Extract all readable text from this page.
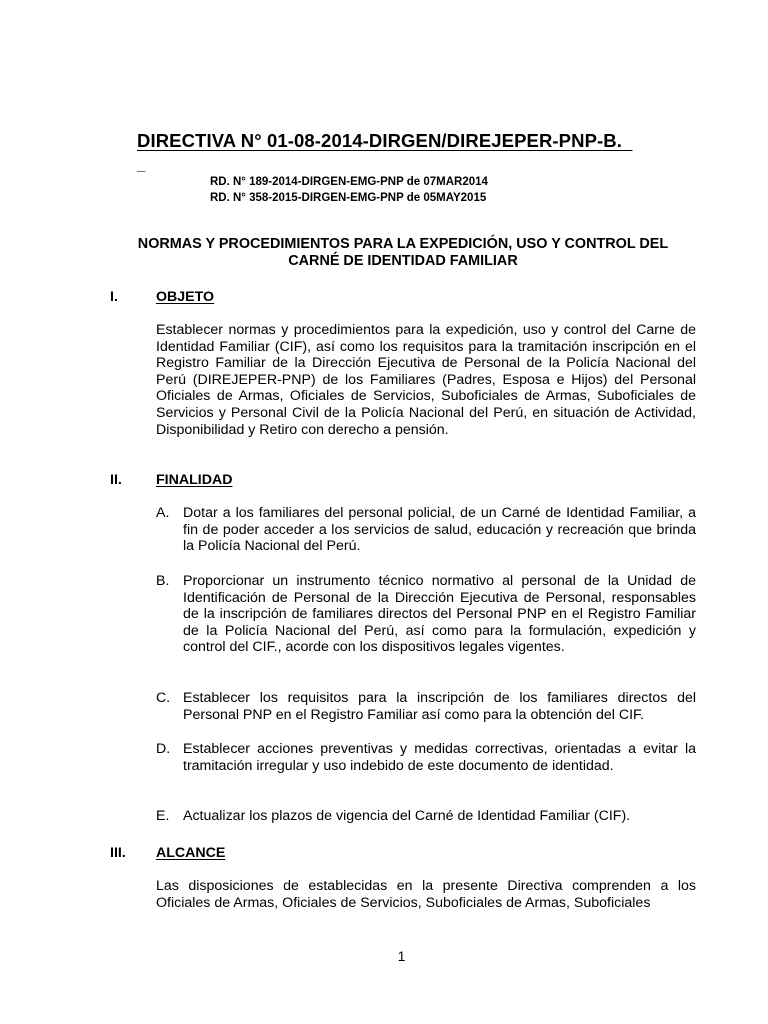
DIRECTIVA N° 01-08-2014-DIRGEN/DIREJEPER-PNP-B.
_
RD. N° 189-2014-DIRGEN-EMG-PNP de 07MAR2014
RD. N° 358-2015-DIRGEN-EMG-PNP de 05MAY2015
NORMAS Y PROCEDIMIENTOS PARA LA EXPEDICIÓN, USO Y CONTROL DEL
CARNÉ DE IDENTIDAD FAMILIAR
I.	OBJETO
Establecer normas y procedimientos para la expedición, uso y control del Carne de Identidad Familiar (CIF), así como los requisitos para la tramitación inscripción en el Registro Familiar de la Dirección Ejecutiva de Personal de la Policía Nacional del Perú (DIREJEPER-PNP) de los Familiares (Padres, Esposa e Hijos) del Personal Oficiales de Armas, Oficiales de Servicios, Suboficiales de Armas, Suboficiales de Servicios y Personal Civil de la Policía Nacional del Perú, en situación de Actividad, Disponibilidad y Retiro con derecho a pensión.
II. FINALIDAD
A. Dotar a los familiares del personal policial, de un Carné de Identidad Familiar, a fin de poder acceder a los servicios de salud, educación y recreación que brinda la Policía Nacional del Perú.
B. Proporcionar un instrumento técnico normativo al personal de la Unidad de Identificación de Personal de la Dirección Ejecutiva de Personal, responsables de la inscripción de familiares directos del Personal PNP en el Registro Familiar de la Policía Nacional del Perú, así como para la formulación, expedición y control del CIF., acorde con los dispositivos legales vigentes.
C. Establecer los requisitos para la inscripción de los familiares directos del Personal PNP en el Registro Familiar así como para la obtención del CIF.
D. Establecer acciones preventivas y medidas correctivas, orientadas a evitar la tramitación irregular y uso indebido de este documento de identidad.
E. Actualizar los plazos de vigencia del Carné de Identidad Familiar (CIF).
III. ALCANCE
Las disposiciones de establecidas en la presente Directiva comprenden a los Oficiales de Armas, Oficiales de Servicios, Suboficiales de Armas, Suboficiales
1
